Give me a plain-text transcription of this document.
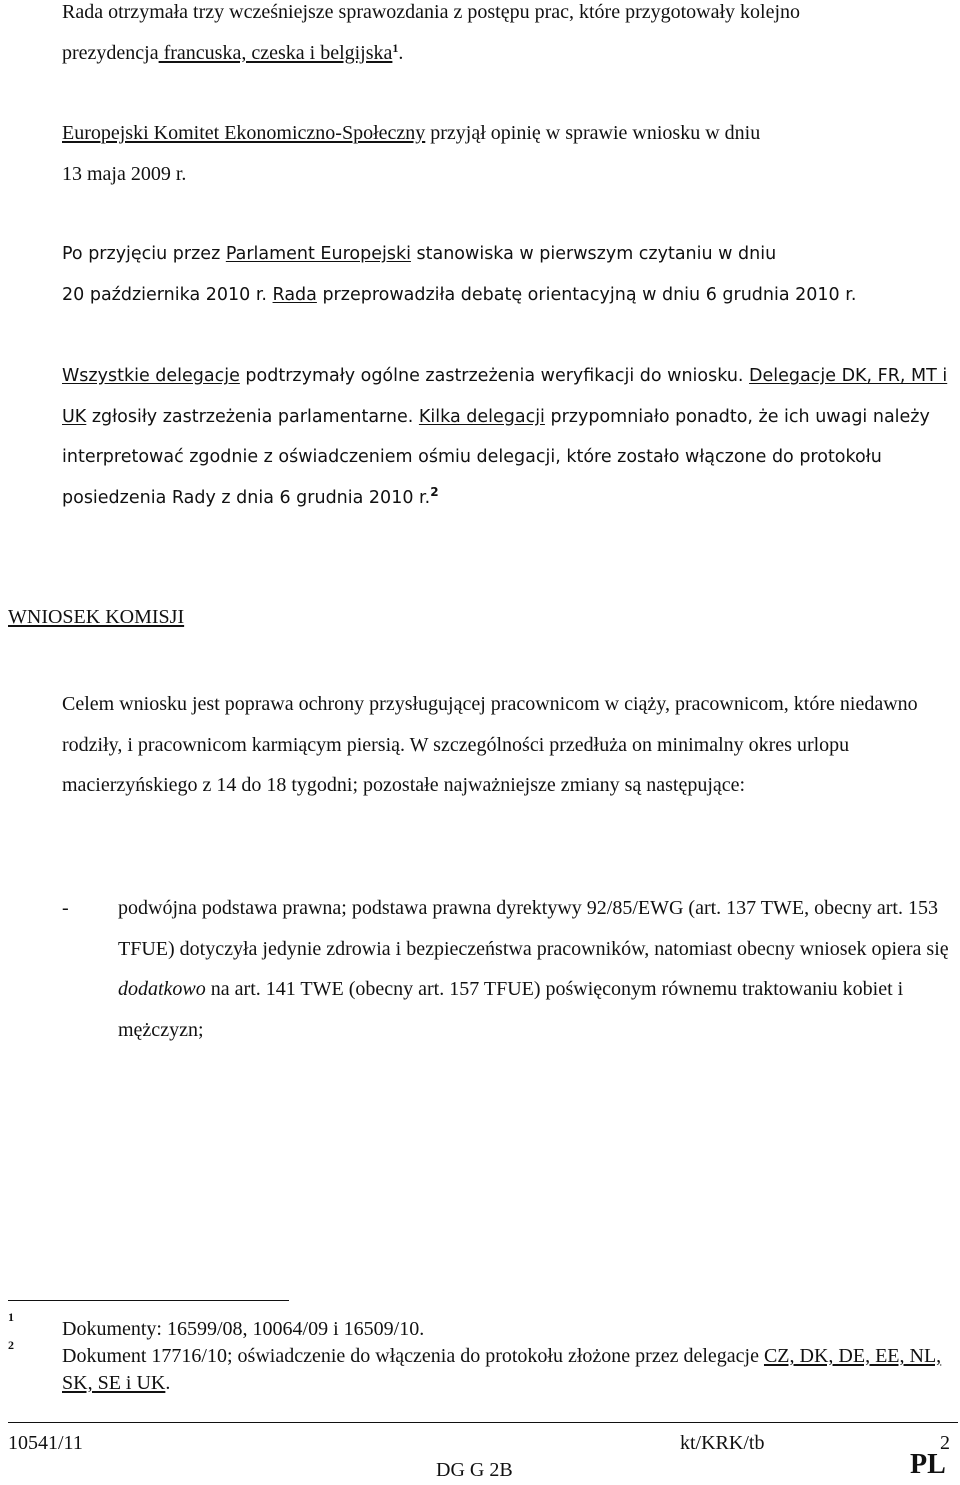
Rada otrzymała trzy wcześniejsze sprawozdania z postępu prac, które przygotowały kolejno
prezydencja francuska, czeska i belgijska$^1$.

Europejski Komitet Ekonomiczno-Społeczny przyjął opinię w sprawie wniosku w dniu
13 maja 2009 r.

Po przyjęciu przez Parlament Europejski stanowiska w pierwszym czytaniu w dniu
20 października 2010 r. Rada przeprowadziła debatę orientacyjną w dniu 6 grudnia 2010 r.

Wszystkie delegacje podtrzymały ogólne zastrzeżenia weryfikacji do wniosku. Delegacje DK, FR, MT i UK zgłosiły zastrzeżenia parlamentarne. Kilka delegacji przypomniało ponadto, że ich uwagi należy interpretować zgodnie z oświadczeniem ośmiu delegacji, które zostało włączone do protokołu posiedzenia Rady z dnia 6 grudnia 2010 r.$^2$

WNIOSEK KOMISJI

Celem wniosku jest poprawa ochrony przysługującej pracownicom w ciąży, pracownicom, które niedawno rodziły, i pracownicom karmiącym piersią. W szczególności przedłuża on minimalny okres urlopu macierzyńskiego z 14 do 18 tygodni; pozostałe najważniejsze zmiany są następujące:

- podwójna podstawa prawna; podstawa prawna dyrektywy 92/85/EWG (art. 137 TWE, obecny art. 153 TFUE) dotyczyła jedynie zdrowia i bezpieczeństwa pracowników, natomiast obecny wniosek opiera się dodatkowo na art. 141 TWE (obecny art. 157 TFUE) poświęconym równemu traktowaniu kobiet i mężczyzn;

1

Dokumenty: 16599/08, 10064/09 i 16509/10.

2 Dokument 17716/10; oświadczenie do włączenia do protokołu złożone przez delegacje CZ, DK, DE, EE, NL, SK, SE i UK.

10541/11	kt/KRK/tb	2
DG G 2B	PL
